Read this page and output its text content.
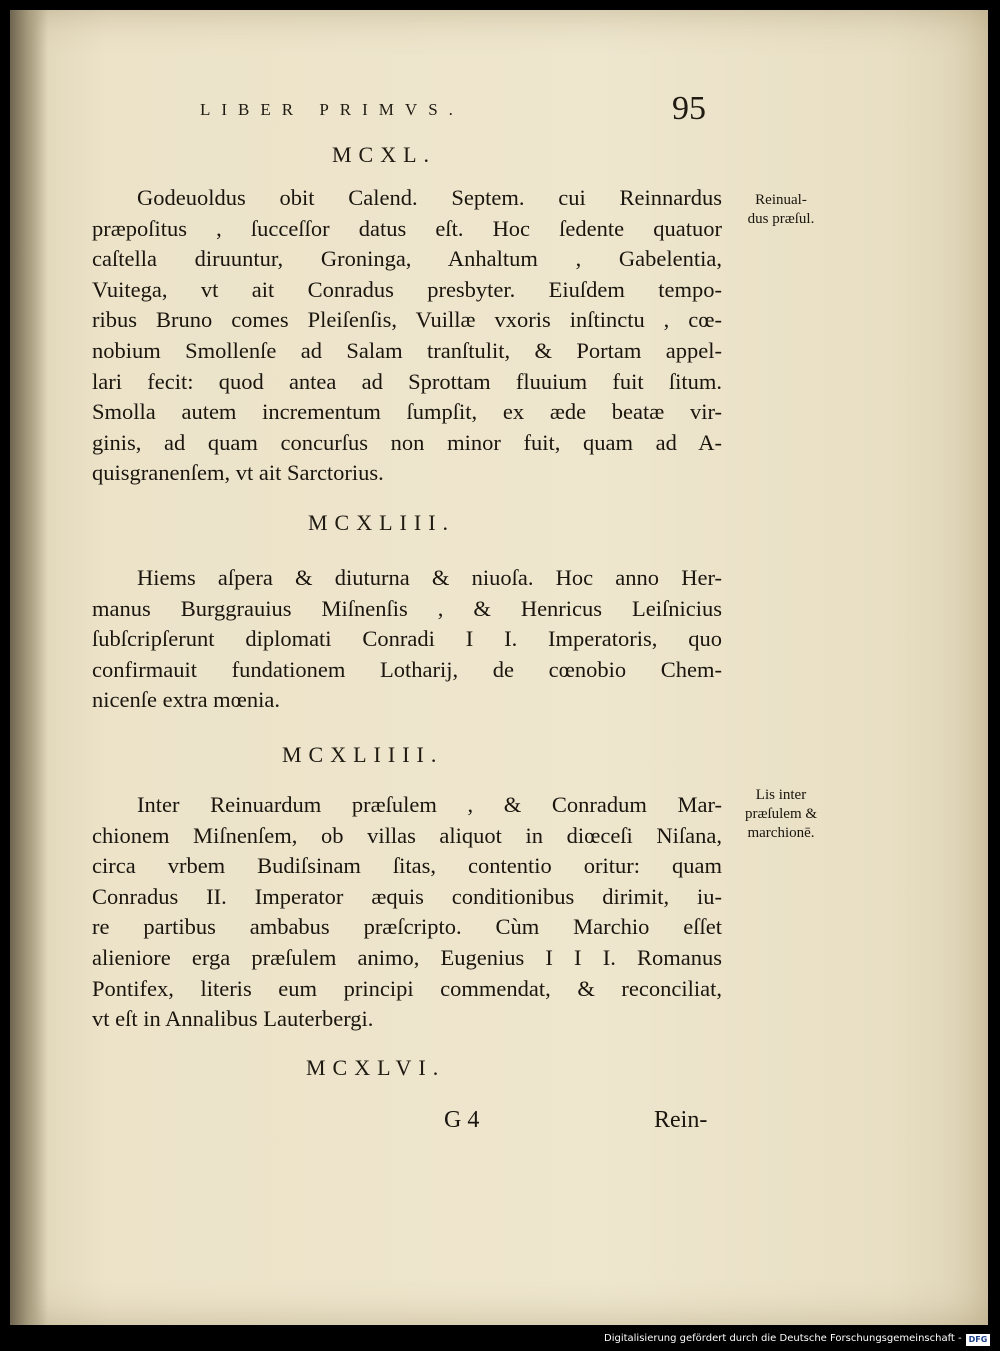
LIBER PRIMVS.	95
MCXL.
Godeuoldus obit Calend. Septem. cui Reinnardus
præpoſitus , ſucceſſor datus eſt. Hoc ſedente quatuor
caſtella diruuntur, Groninga, Anhaltum , Gabelentia,
Vuitega, vt ait Conradus presbyter. Eiuſdem tempo-
ribus Bruno comes Pleiſenſis, Vuillæ vxoris inſtinctu , cœ-
nobium Smollenſe ad Salam tranſtulit, & Portam appel-
lari fecit: quod antea ad Sprottam fluuium fuit ſitum.
Smolla autem incrementum ſumpſit, ex æde beatæ vir-
ginis, ad quam concurſus non minor fuit, quam ad A-
quisgranenſem, vt ait Sarctorius.
Reinual-
dus præſul.
MCXLIII.
Hiems aſpera & diuturna & niuoſa. Hoc anno Her-
manus Burggrauius Miſnenſis , & Henricus Leiſnicius
ſubſcripſerunt diplomati Conradi I I. Imperatoris, quo
confirmauit fundationem Lotharij, de cœnobio Chem-
nicenſe extra mœnia.
MCXLIIII.
Inter Reinuardum præſulem , & Conradum Mar-
chionem Miſnenſem, ob villas aliquot in diœceſi Niſana,
circa vrbem Budiſsinam ſitas, contentio oritur: quam
Conradus II. Imperator æquis conditionibus dirimit, iu-
re partibus ambabus præſcripto. Cùm Marchio eſſet
alieniore erga præſulem animo, Eugenius I I I. Romanus
Pontifex, literis eum principi commendat, & reconciliat,
vt eſt in Annalibus Lauterbergi.
Lis inter
præſulem &
marchionē.
MCXLVI.
G 4	Rein-
Digitalisierung gefördert durch die Deutsche Forschungsgemeinschaft - DFG
